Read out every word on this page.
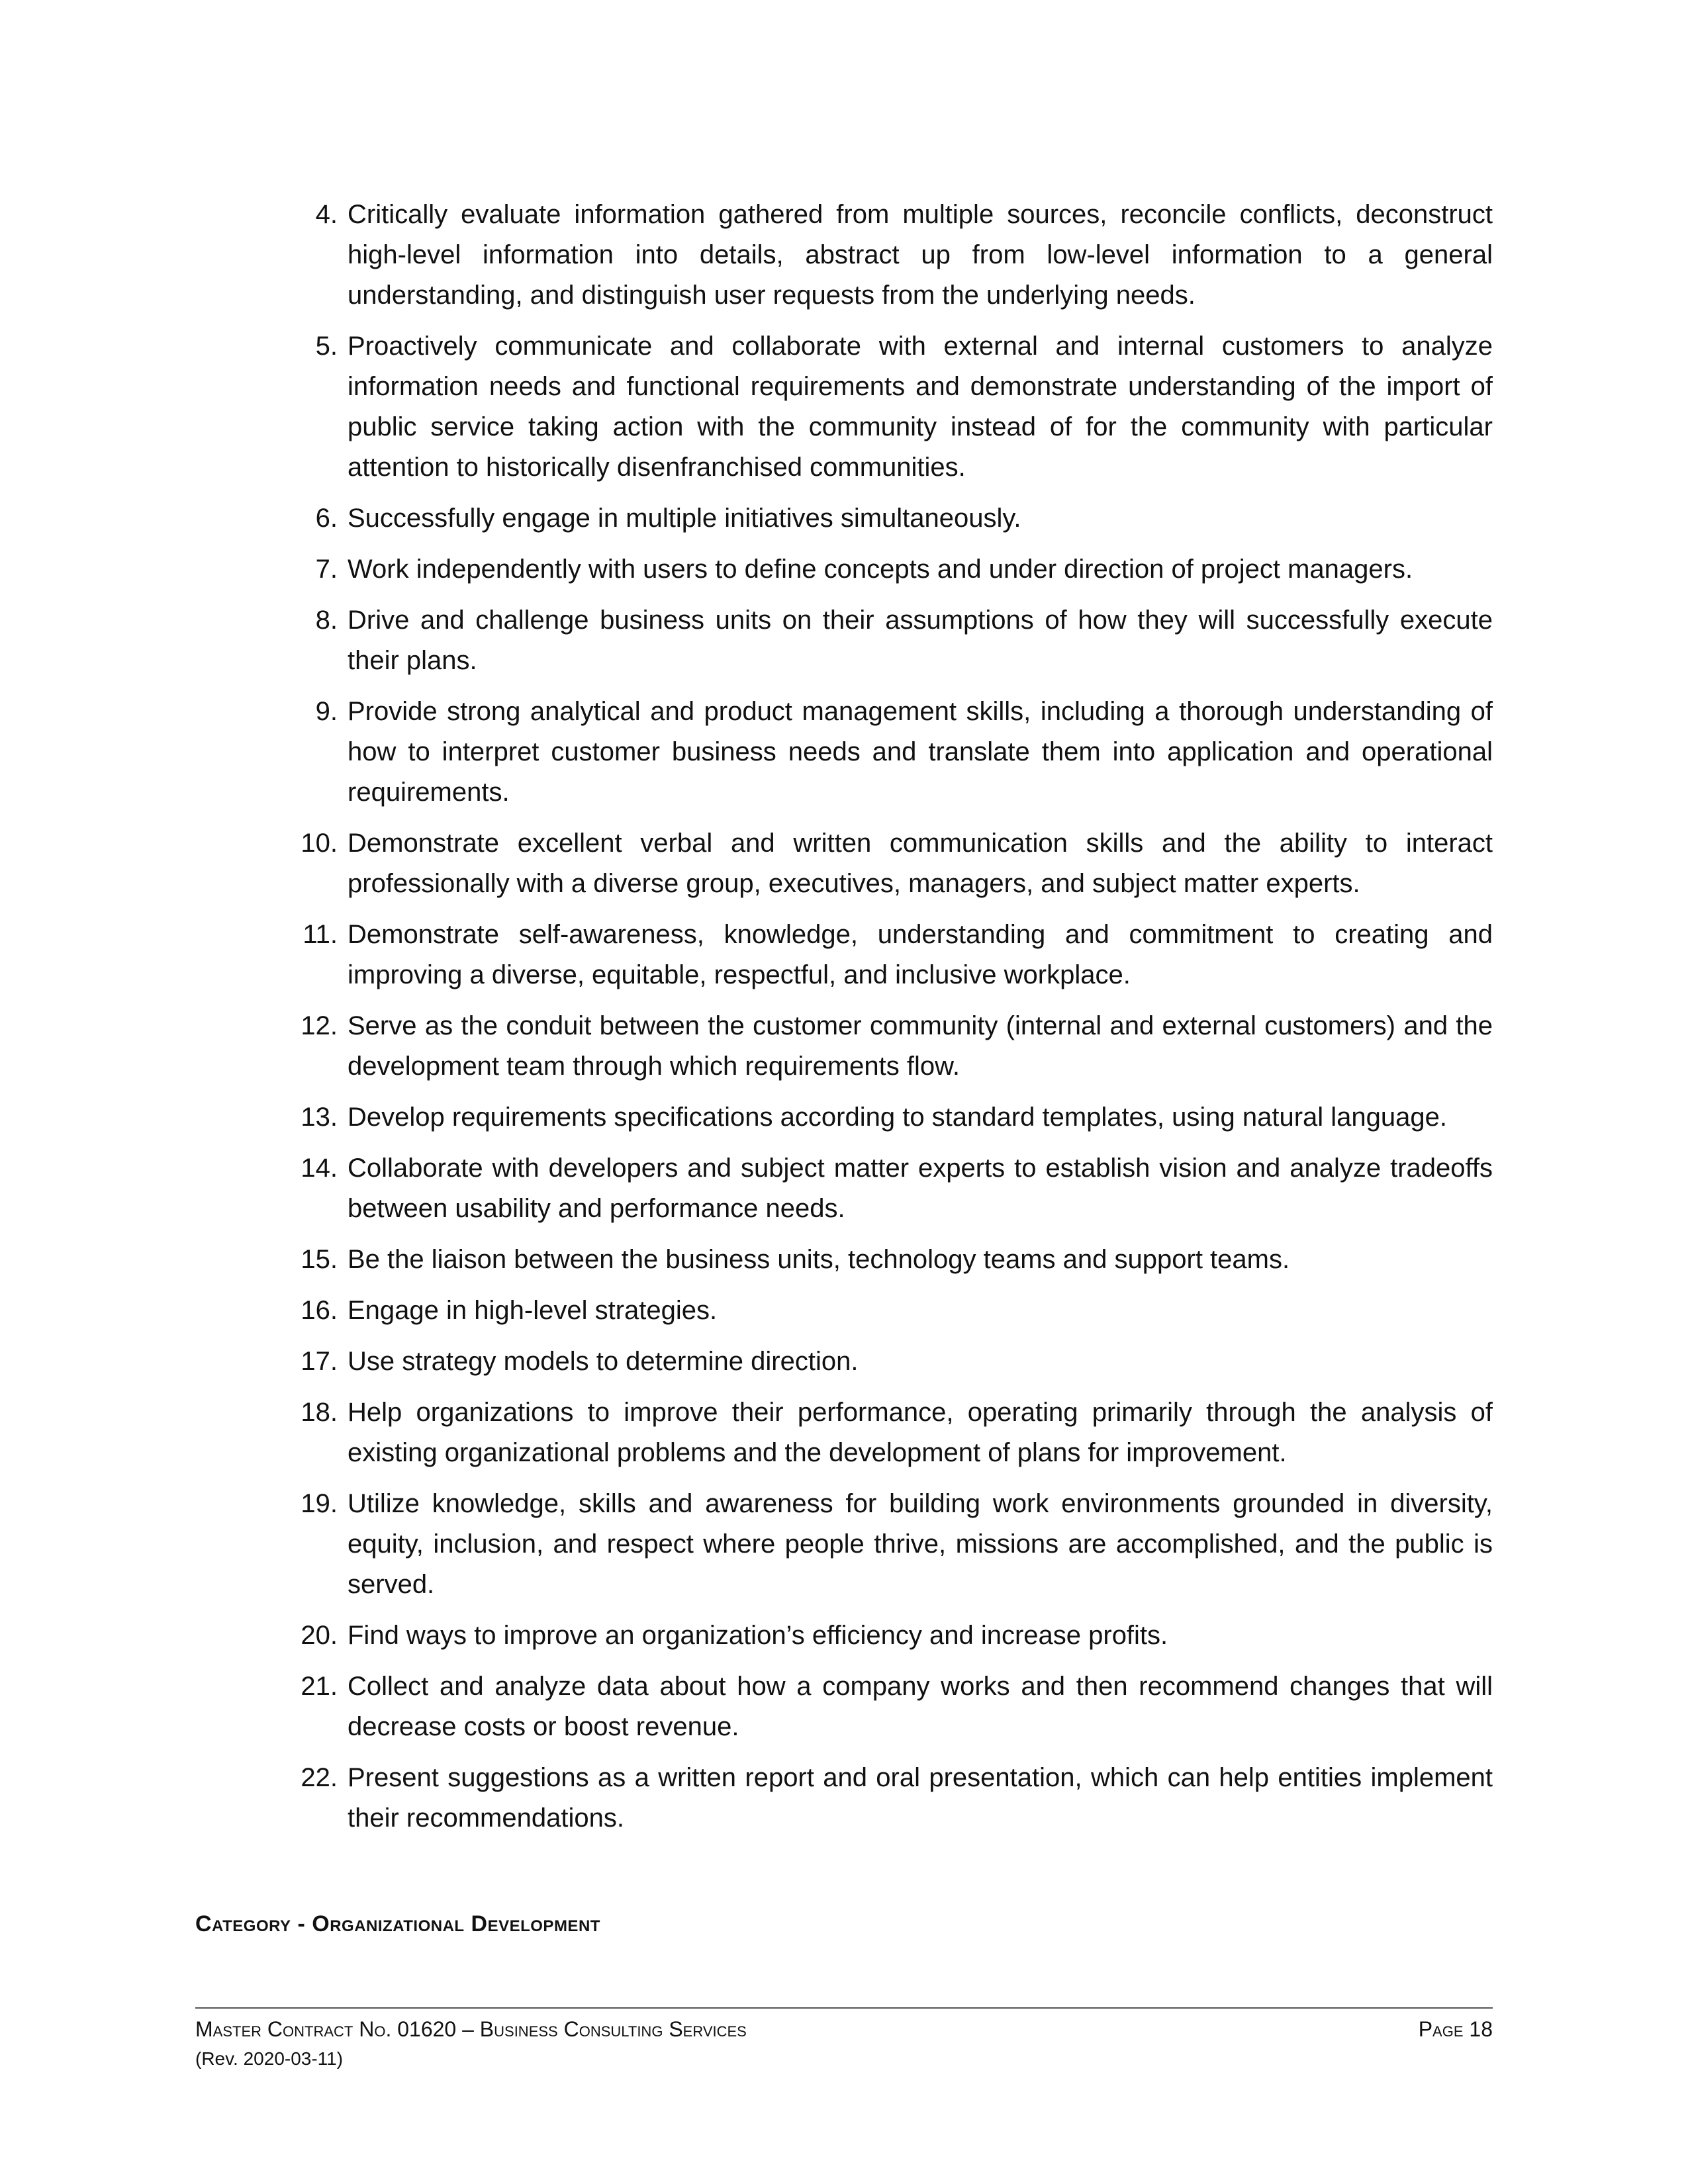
4. Critically evaluate information gathered from multiple sources, reconcile conflicts, deconstruct high-level information into details, abstract up from low-level information to a general understanding, and distinguish user requests from the underlying needs.
5. Proactively communicate and collaborate with external and internal customers to analyze information needs and functional requirements and demonstrate understanding of the import of public service taking action with the community instead of for the community with particular attention to historically disenfranchised communities.
6. Successfully engage in multiple initiatives simultaneously.
7. Work independently with users to define concepts and under direction of project managers.
8. Drive and challenge business units on their assumptions of how they will successfully execute their plans.
9. Provide strong analytical and product management skills, including a thorough understanding of how to interpret customer business needs and translate them into application and operational requirements.
10. Demonstrate excellent verbal and written communication skills and the ability to interact professionally with a diverse group, executives, managers, and subject matter experts.
11. Demonstrate self-awareness, knowledge, understanding and commitment to creating and improving a diverse, equitable, respectful, and inclusive workplace.
12. Serve as the conduit between the customer community (internal and external customers) and the development team through which requirements flow.
13. Develop requirements specifications according to standard templates, using natural language.
14. Collaborate with developers and subject matter experts to establish vision and analyze tradeoffs between usability and performance needs.
15. Be the liaison between the business units, technology teams and support teams.
16. Engage in high-level strategies.
17. Use strategy models to determine direction.
18. Help organizations to improve their performance, operating primarily through the analysis of existing organizational problems and the development of plans for improvement.
19. Utilize knowledge, skills and awareness for building work environments grounded in diversity, equity, inclusion, and respect where people thrive, missions are accomplished, and the public is served.
20. Find ways to improve an organization’s efficiency and increase profits.
21. Collect and analyze data about how a company works and then recommend changes that will decrease costs or boost revenue.
22. Present suggestions as a written report and oral presentation, which can help entities implement their recommendations.
Category - Organizational Development
Master Contract No. 01620 – Business Consulting Services	Page 18
(Rev. 2020-03-11)
